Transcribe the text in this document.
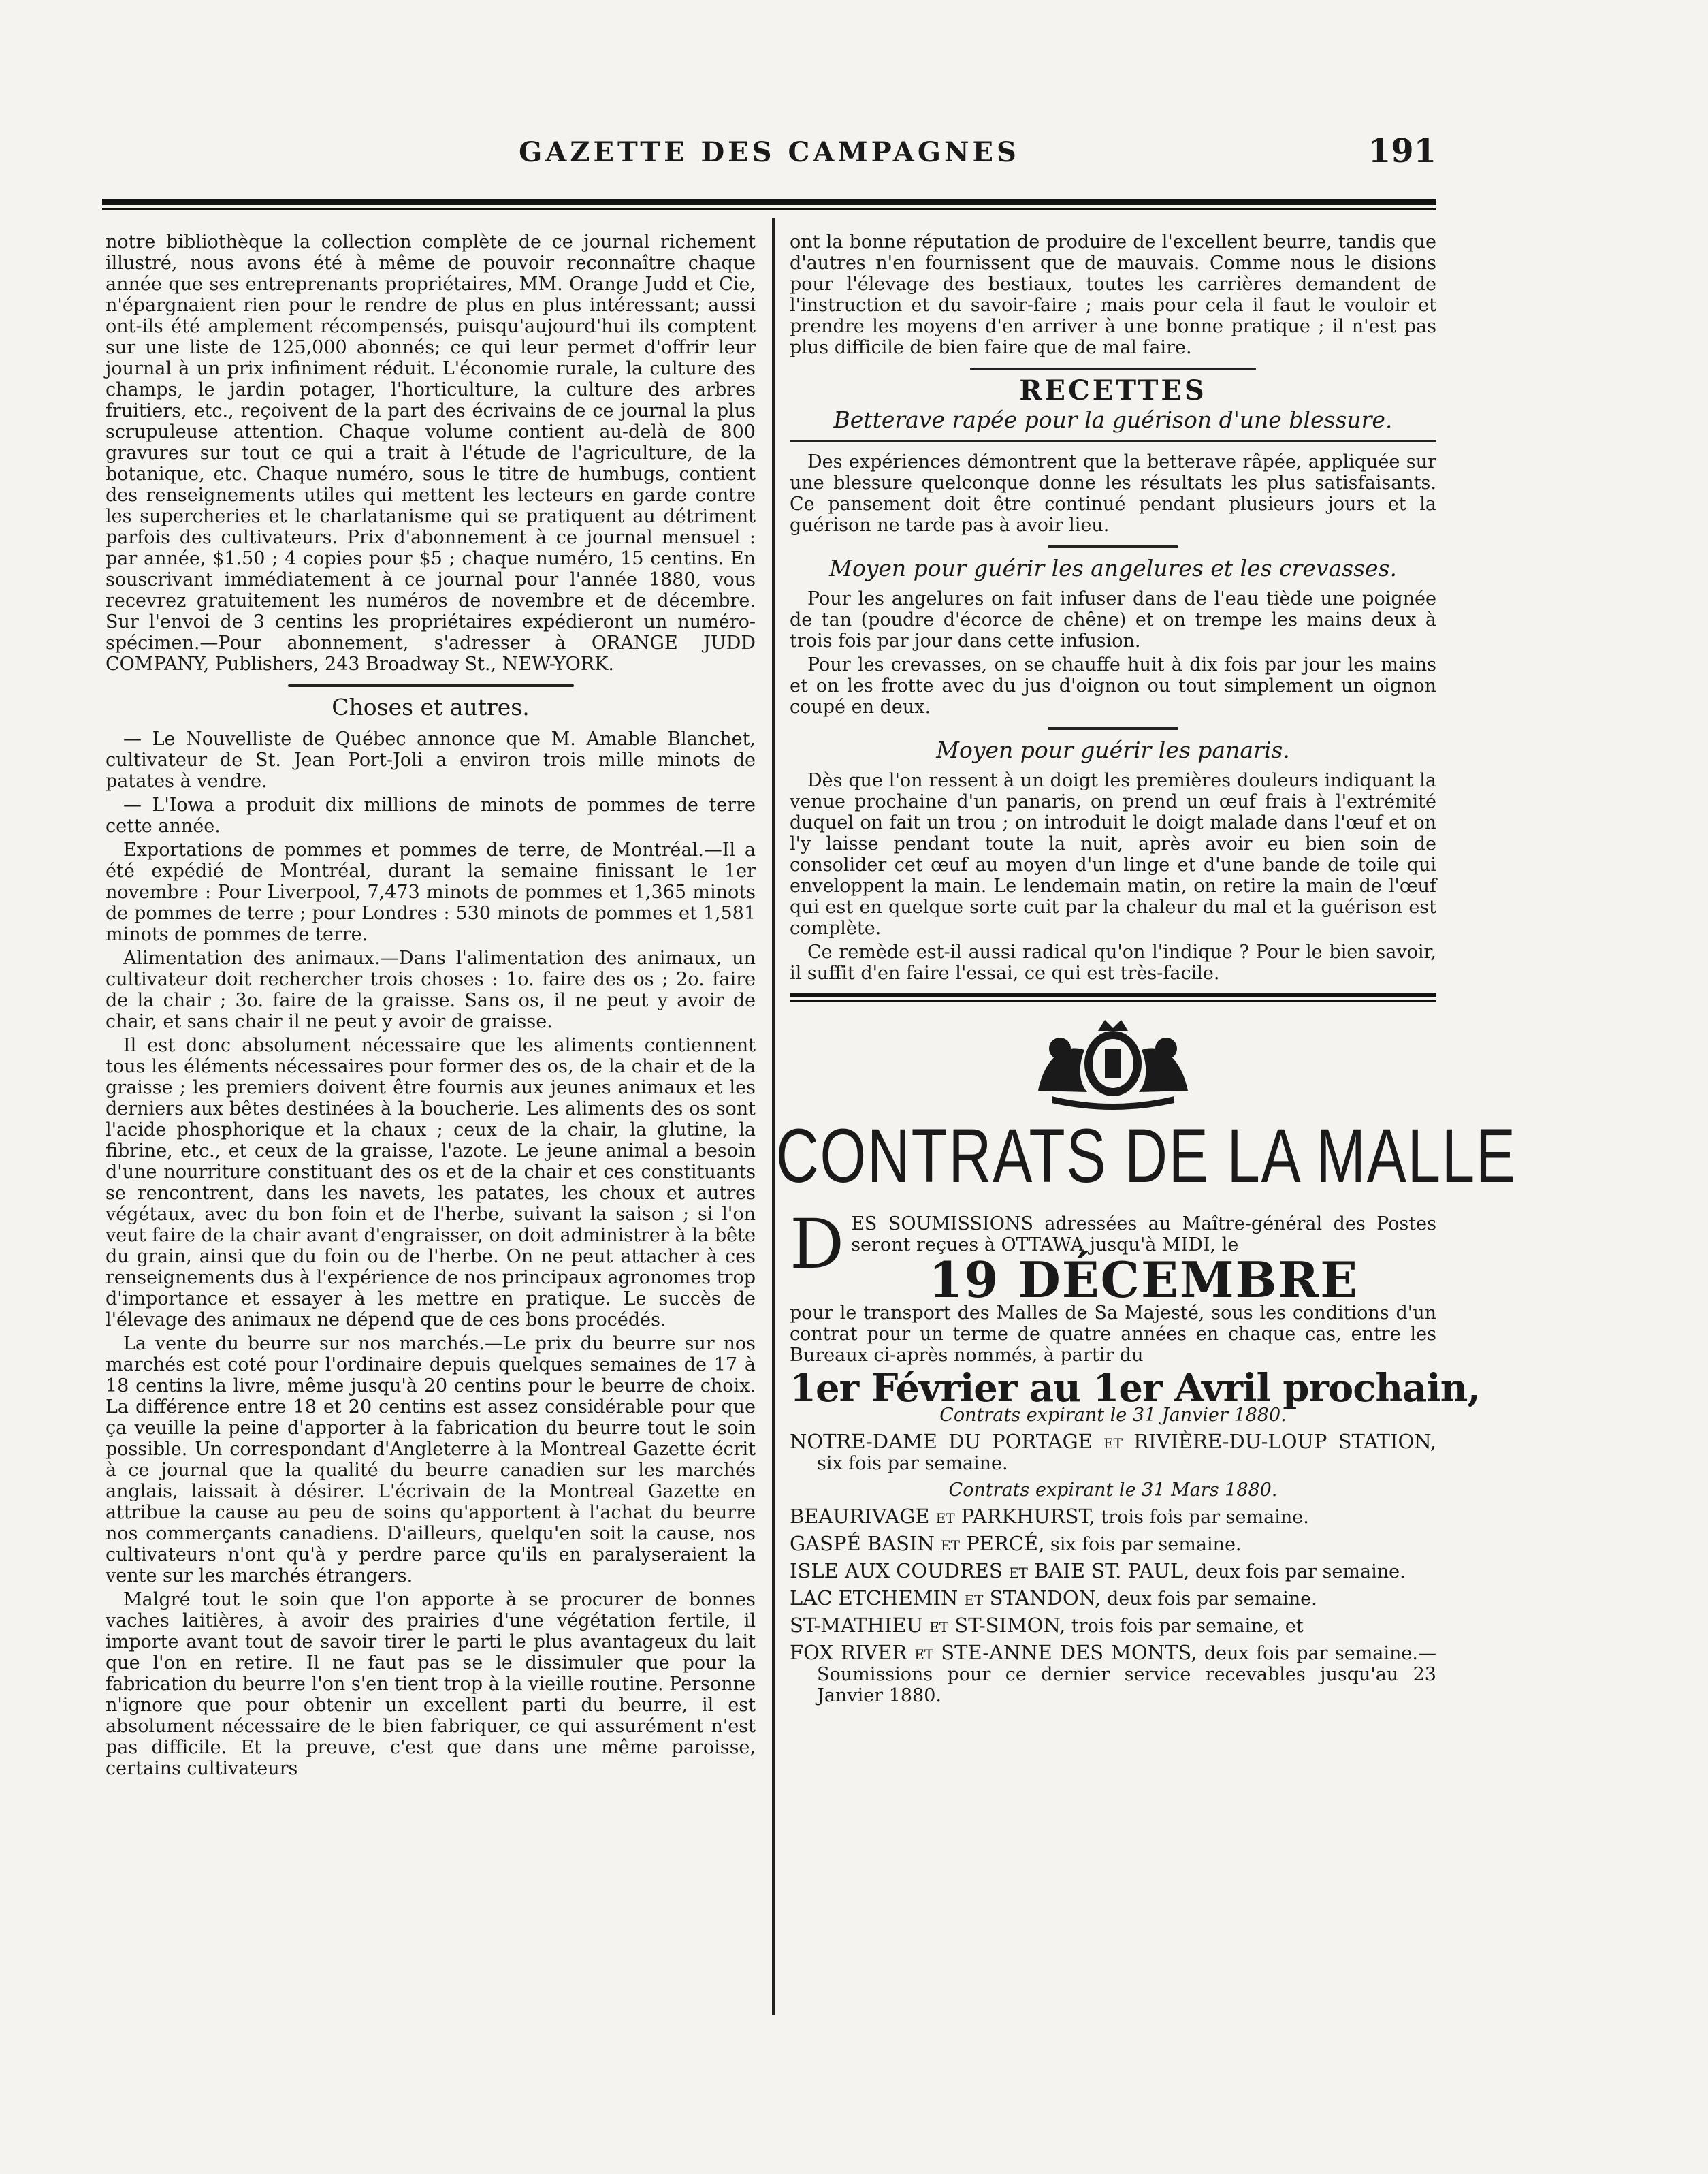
GAZETTE DES CAMPAGNES	191

notre bibliothèque la collection complète de ce journal richement illustré, nous avons été à même de pouvoir reconnaître chaque année que ses entreprenants propriétaires, MM. Orange Judd et Cie, n'épargnaient rien pour le rendre de plus en plus intéressant; aussi ont-ils été amplement récompensés, puisqu'aujourd'hui ils comptent sur une liste de 125,000 abonnés; ce qui leur permet d'offrir leur journal à un prix infiniment réduit. L'économie rurale, la culture des champs, le jardin potager, l'horticulture, la culture des arbres fruitiers, etc., reçoivent de la part des écrivains de ce journal la plus scrupuleuse attention. Chaque volume contient au-delà de 800 gravures sur tout ce qui a trait à l'étude de l'agriculture, de la botanique, etc. Chaque numéro, sous le titre de humbugs, contient des renseignements utiles qui mettent les lecteurs en garde contre les supercheries et le charlatanisme qui se pratiquent au détriment parfois des cultivateurs. Prix d'abonnement à ce journal mensuel : par année, $1.50 ; 4 copies pour $5 ; chaque numéro, 15 centins. En souscrivant immédiatement à ce journal pour l'année 1880, vous recevrez gratuitement les numéros de novembre et de décembre. Sur l'envoi de 3 centins les propriétaires expédieront un numéro-spécimen.—Pour abonnement, s'adresser à ORANGE JUDD COMPANY, Publishers, 243 Broadway St., NEW-YORK.

Choses et autres.

— Le Nouvelliste de Québec annonce que M. Amable Blanchet, cultivateur de St. Jean Port-Joli a environ trois mille minots de patates à vendre.

— L'Iowa a produit dix millions de minots de pommes de terre cette année.

Exportations de pommes et pommes de terre, de Montréal.—Il a été expédié de Montréal, durant la semaine finissant le 1er novembre : Pour Liverpool, 7,473 minots de pommes et 1,365 minots de pommes de terre ; pour Londres : 530 minots de pommes et 1,581 minots de pommes de terre.

Alimentation des animaux.—Dans l'alimentation des animaux, un cultivateur doit rechercher trois choses : 1o. faire des os ; 2o. faire de la chair ; 3o. faire de la graisse. Sans os, il ne peut y avoir de chair, et sans chair il ne peut y avoir de graisse.

Il est donc absolument nécessaire que les aliments contiennent tous les éléments nécessaires pour former des os, de la chair et de la graisse ; les premiers doivent être fournis aux jeunes animaux et les derniers aux bêtes destinées à la boucherie. Les aliments des os sont l'acide phosphorique et la chaux ; ceux de la chair, la glutine, la fibrine, etc., et ceux de la graisse, l'azote. Le jeune animal a besoin d'une nourriture constituant des os et de la chair et ces constituants se rencontrent, dans les navets, les patates, les choux et autres végétaux, avec du bon foin et de l'herbe, suivant la saison ; si l'on veut faire de la chair avant d'engraisser, on doit administrer à la bête du grain, ainsi que du foin ou de l'herbe. On ne peut attacher à ces renseignements dus à l'expérience de nos principaux agronomes trop d'importance et essayer à les mettre en pratique. Le succès de l'élevage des animaux ne dépend que de ces bons procédés.

La vente du beurre sur nos marchés.—Le prix du beurre sur nos marchés est coté pour l'ordinaire depuis quelques semaines de 17 à 18 centins la livre, même jusqu'à 20 centins pour le beurre de choix. La différence entre 18 et 20 centins est assez considérable pour que ça veuille la peine d'apporter à la fabrication du beurre tout le soin possible. Un correspondant d'Angleterre à la Montreal Gazette écrit à ce journal que la qualité du beurre canadien sur les marchés anglais, laissait à désirer. L'écrivain de la Montreal Gazette en attribue la cause au peu de soins qu'apportent à l'achat du beurre nos commerçants canadiens. D'ailleurs, quelqu'en soit la cause, nos cultivateurs n'ont qu'à y perdre parce qu'ils en paralyseraient la vente sur les marchés étrangers.

Malgré tout le soin que l'on apporte à se procurer de bonnes vaches laitières, à avoir des prairies d'une végétation fertile, il importe avant tout de savoir tirer le parti le plus avantageux du lait que l'on en retire. Il ne faut pas se le dissimuler que pour la fabrication du beurre l'on s'en tient trop à la vieille routine. Personne n'ignore que pour obtenir un excellent parti du beurre, il est absolument nécessaire de le bien fabriquer, ce qui assurément n'est pas difficile. Et la preuve, c'est que dans une même paroisse, certains cultivateurs

ont la bonne réputation de produire de l'excellent beurre, tandis que d'autres n'en fournissent que de mauvais. Comme nous le disions pour l'élevage des bestiaux, toutes les carrières demandent de l'instruction et du savoir-faire ; mais pour cela il faut le vouloir et prendre les moyens d'en arriver à une bonne pratique ; il n'est pas plus difficile de bien faire que de mal faire.

RECETTES
Betterave rapée pour la guérison d'une blessure.

Des expériences démontrent que la betterave râpée, appliquée sur une blessure quelconque donne les résultats les plus satisfaisants. Ce pansement doit être continué pendant plusieurs jours et la guérison ne tarde pas à avoir lieu.

Moyen pour guérir les angelures et les crevasses.

Pour les angelures on fait infuser dans de l'eau tiède une poignée de tan (poudre d'écorce de chêne) et on trempe les mains deux à trois fois par jour dans cette infusion.

Pour les crevasses, on se chauffe huit à dix fois par jour les mains et on les frotte avec du jus d'oignon ou tout simplement un oignon coupé en deux.

Moyen pour guérir les panaris.

Dès que l'on ressent à un doigt les premières douleurs indiquant la venue prochaine d'un panaris, on prend un œuf frais à l'extrémité duquel on fait un trou ; on introduit le doigt malade dans l'œuf et on l'y laisse pendant toute la nuit, après avoir eu bien soin de consolider cet œuf au moyen d'un linge et d'une bande de toile qui enveloppent la main. Le lendemain matin, on retire la main de l'œuf qui est en quelque sorte cuit par la chaleur du mal et la guérison est complète.

Ce remède est-il aussi radical qu'on l'indique ? Pour le bien savoir, il suffit d'en faire l'essai, ce qui est très-facile.

CONTRATS DE LA MALLE

DES SOUMISSIONS adressées au Maître-général des Postes seront reçues à OTTAWA jusqu'à MIDI, le

19 DÉCEMBRE

pour le transport des Malles de Sa Majesté, sous les conditions d'un contrat pour un terme de quatre années en chaque cas, entre les Bureaux ci-après nommés, à partir du

1er Février au 1er Avril prochain,
Contrats expirant le 31 Janvier 1880.

NOTRE-DAME DU PORTAGE et RIVIÈRE-DU-LOUP STATION, six fois par semaine.

Contrats expirant le 31 Mars 1880.

BEAURIVAGE et PARKHURST, trois fois par semaine.

GASPÉ BASIN et PERCÉ, six fois par semaine.

ISLE AUX COUDRES et BAIE ST. PAUL, deux fois par semaine.

LAC ETCHEMIN et STANDON, deux fois par semaine.

ST-MATHIEU et ST-SIMON, trois fois par semaine, et

FOX RIVER et STE-ANNE DES MONTS, deux fois par semaine.—Soumissions pour ce dernier service recevables jusqu'au 23 Janvier 1880.
